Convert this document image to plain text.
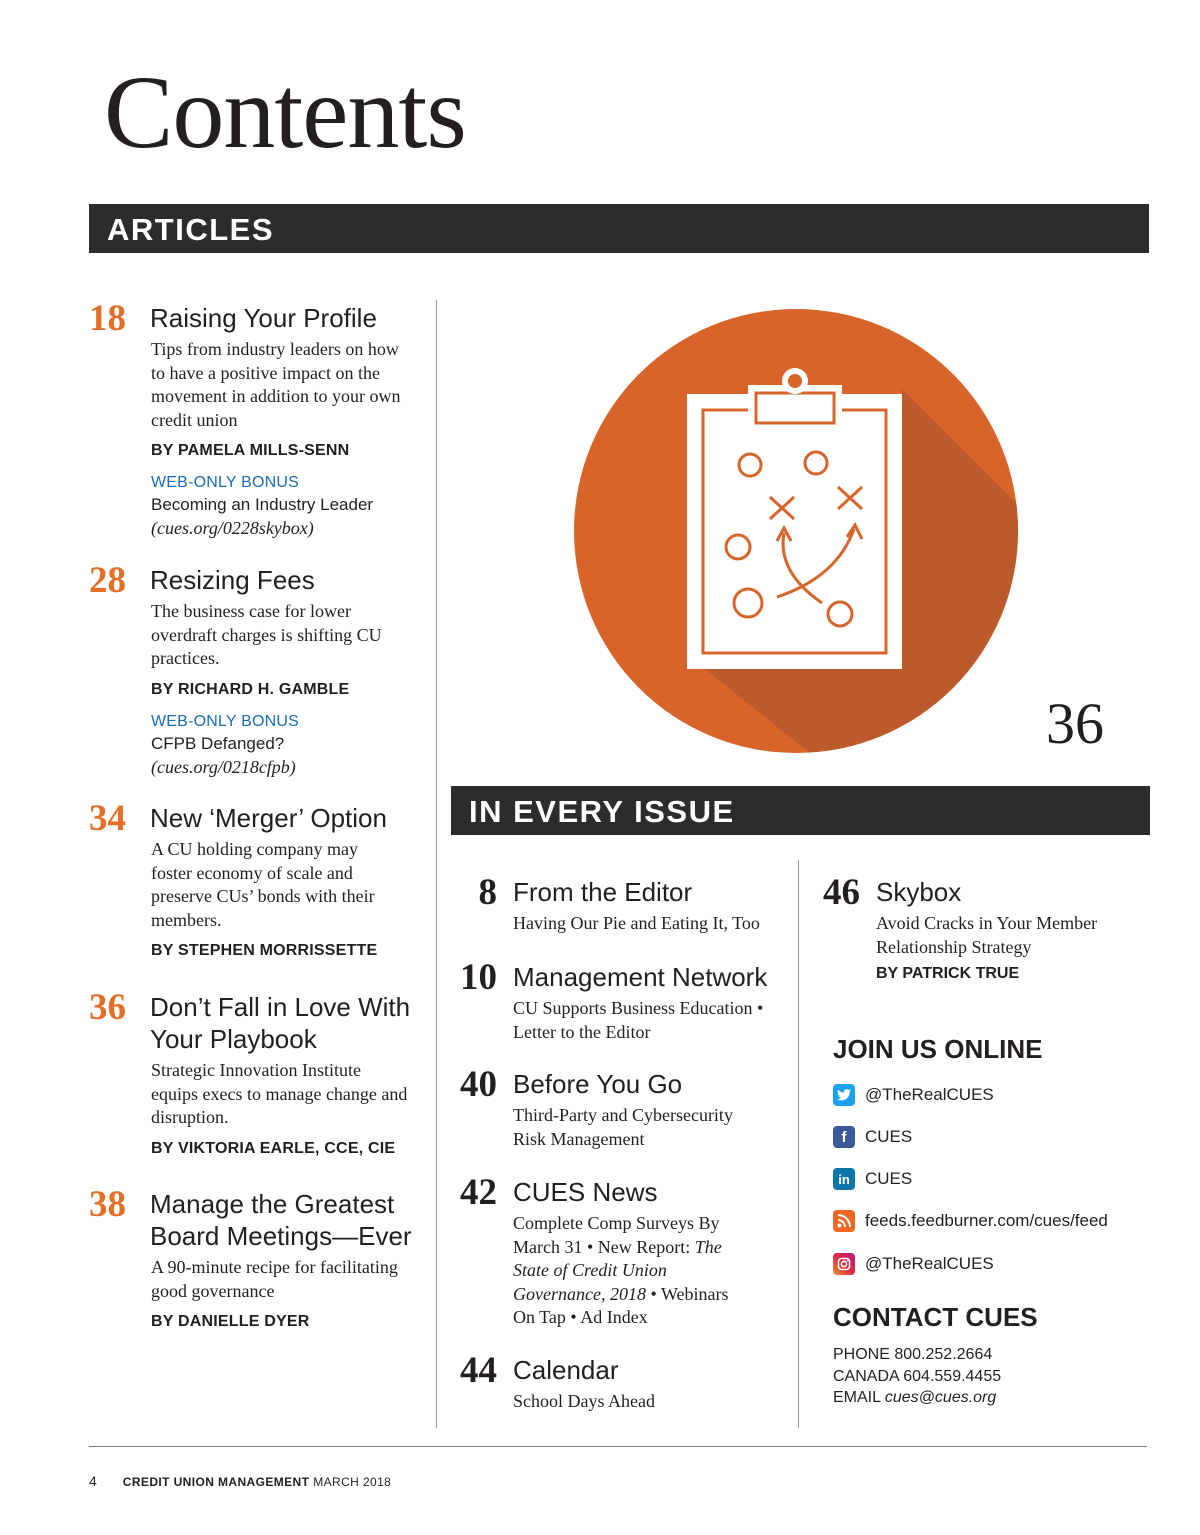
Contents
ARTICLES
18 Raising Your Profile
Tips from industry leaders on how to have a positive impact on the movement in addition to your own credit union
BY PAMELA MILLS-SENN
WEB-ONLY BONUS
Becoming an Industry Leader
(cues.org/0228skybox)
28 Resizing Fees
The business case for lower overdraft charges is shifting CU practices.
BY RICHARD H. GAMBLE
WEB-ONLY BONUS
CFPB Defanged?
(cues.org/0218cfpb)
34 New ‘Merger’ Option
A CU holding company may foster economy of scale and preserve CUs’ bonds with their members.
BY STEPHEN MORRISSETTE
36 Don’t Fall in Love With Your Playbook
Strategic Innovation Institute equips execs to manage change and disruption.
BY VIKTORIA EARLE, CCE, CIE
38 Manage the Greatest Board Meetings—Ever
A 90-minute recipe for facilitating good governance
BY DANIELLE DYER
36
IN EVERY ISSUE
8 From the Editor
Having Our Pie and Eating It, Too
10 Management Network
CU Supports Business Education • Letter to the Editor
40 Before You Go
Third-Party and Cybersecurity Risk Management
42 CUES News
Complete Comp Surveys By March 31 • New Report: The State of Credit Union Governance, 2018 • Webinars On Tap • Ad Index
44 Calendar
School Days Ahead
46 Skybox
Avoid Cracks in Your Member Relationship Strategy
BY PATRICK TRUE
JOIN US ONLINE
@TheRealCUES
f	CUES
in CUES
feeds.feedburner.com/cues/feed
@TheRealCUES
CONTACT CUES
PHONE 800.252.2664
CANADA 604.559.4455
EMAIL cues@cues.org
4 CREDIT UNION MANAGEMENT MARCH 2018
